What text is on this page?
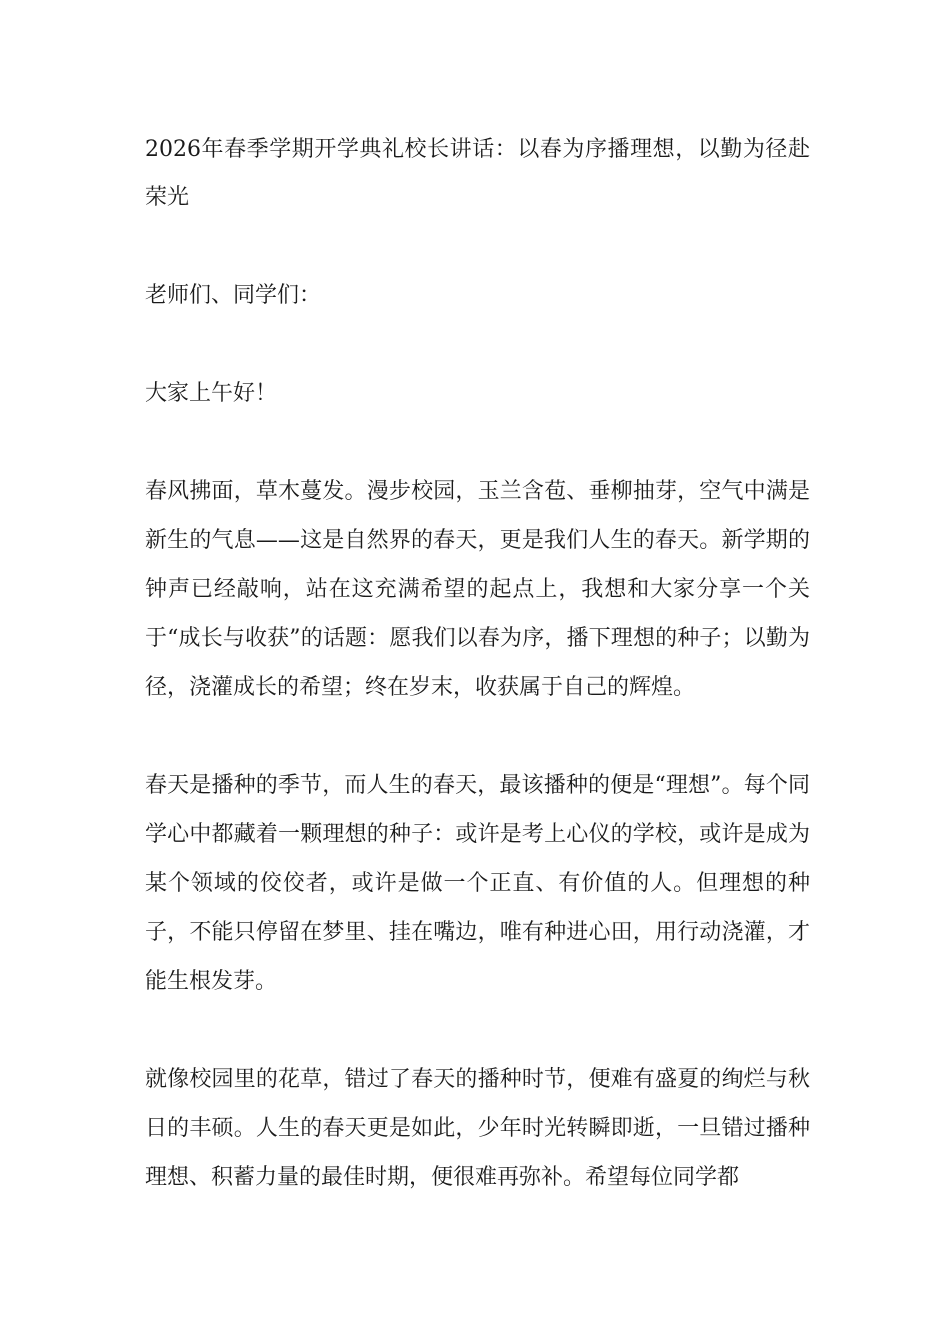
2026年春季学期开学典礼校长讲话：以春为序播理想，以勤为径赴荣光

老师们、同学们：

大家上午好！

春风拂面，草木蔓发。漫步校园，玉兰含苞、垂柳抽芽，空气中满是新生的气息——这是自然界的春天，更是我们人生的春天。新学期的钟声已经敲响，站在这充满希望的起点上，我想和大家分享一个关于“成长与收获”的话题：愿我们以春为序，播下理想的种子；以勤为径，浇灌成长的希望；终在岁末，收获属于自己的辉煌。

春天是播种的季节，而人生的春天，最该播种的便是“理想”。每个同学心中都藏着一颗理想的种子：或许是考上心仪的学校，或许是成为某个领域的佼佼者，或许是做一个正直、有价值的人。但理想的种子，不能只停留在梦里、挂在嘴边，唯有种进心田，用行动浇灌，才能生根发芽。

就像校园里的花草，错过了春天的播种时节，便难有盛夏的绚烂与秋日的丰硕。人生的春天更是如此，少年时光转瞬即逝，一旦错过播种理想、积蓄力量的最佳时期，便很难再弥补。希望每位同学都
